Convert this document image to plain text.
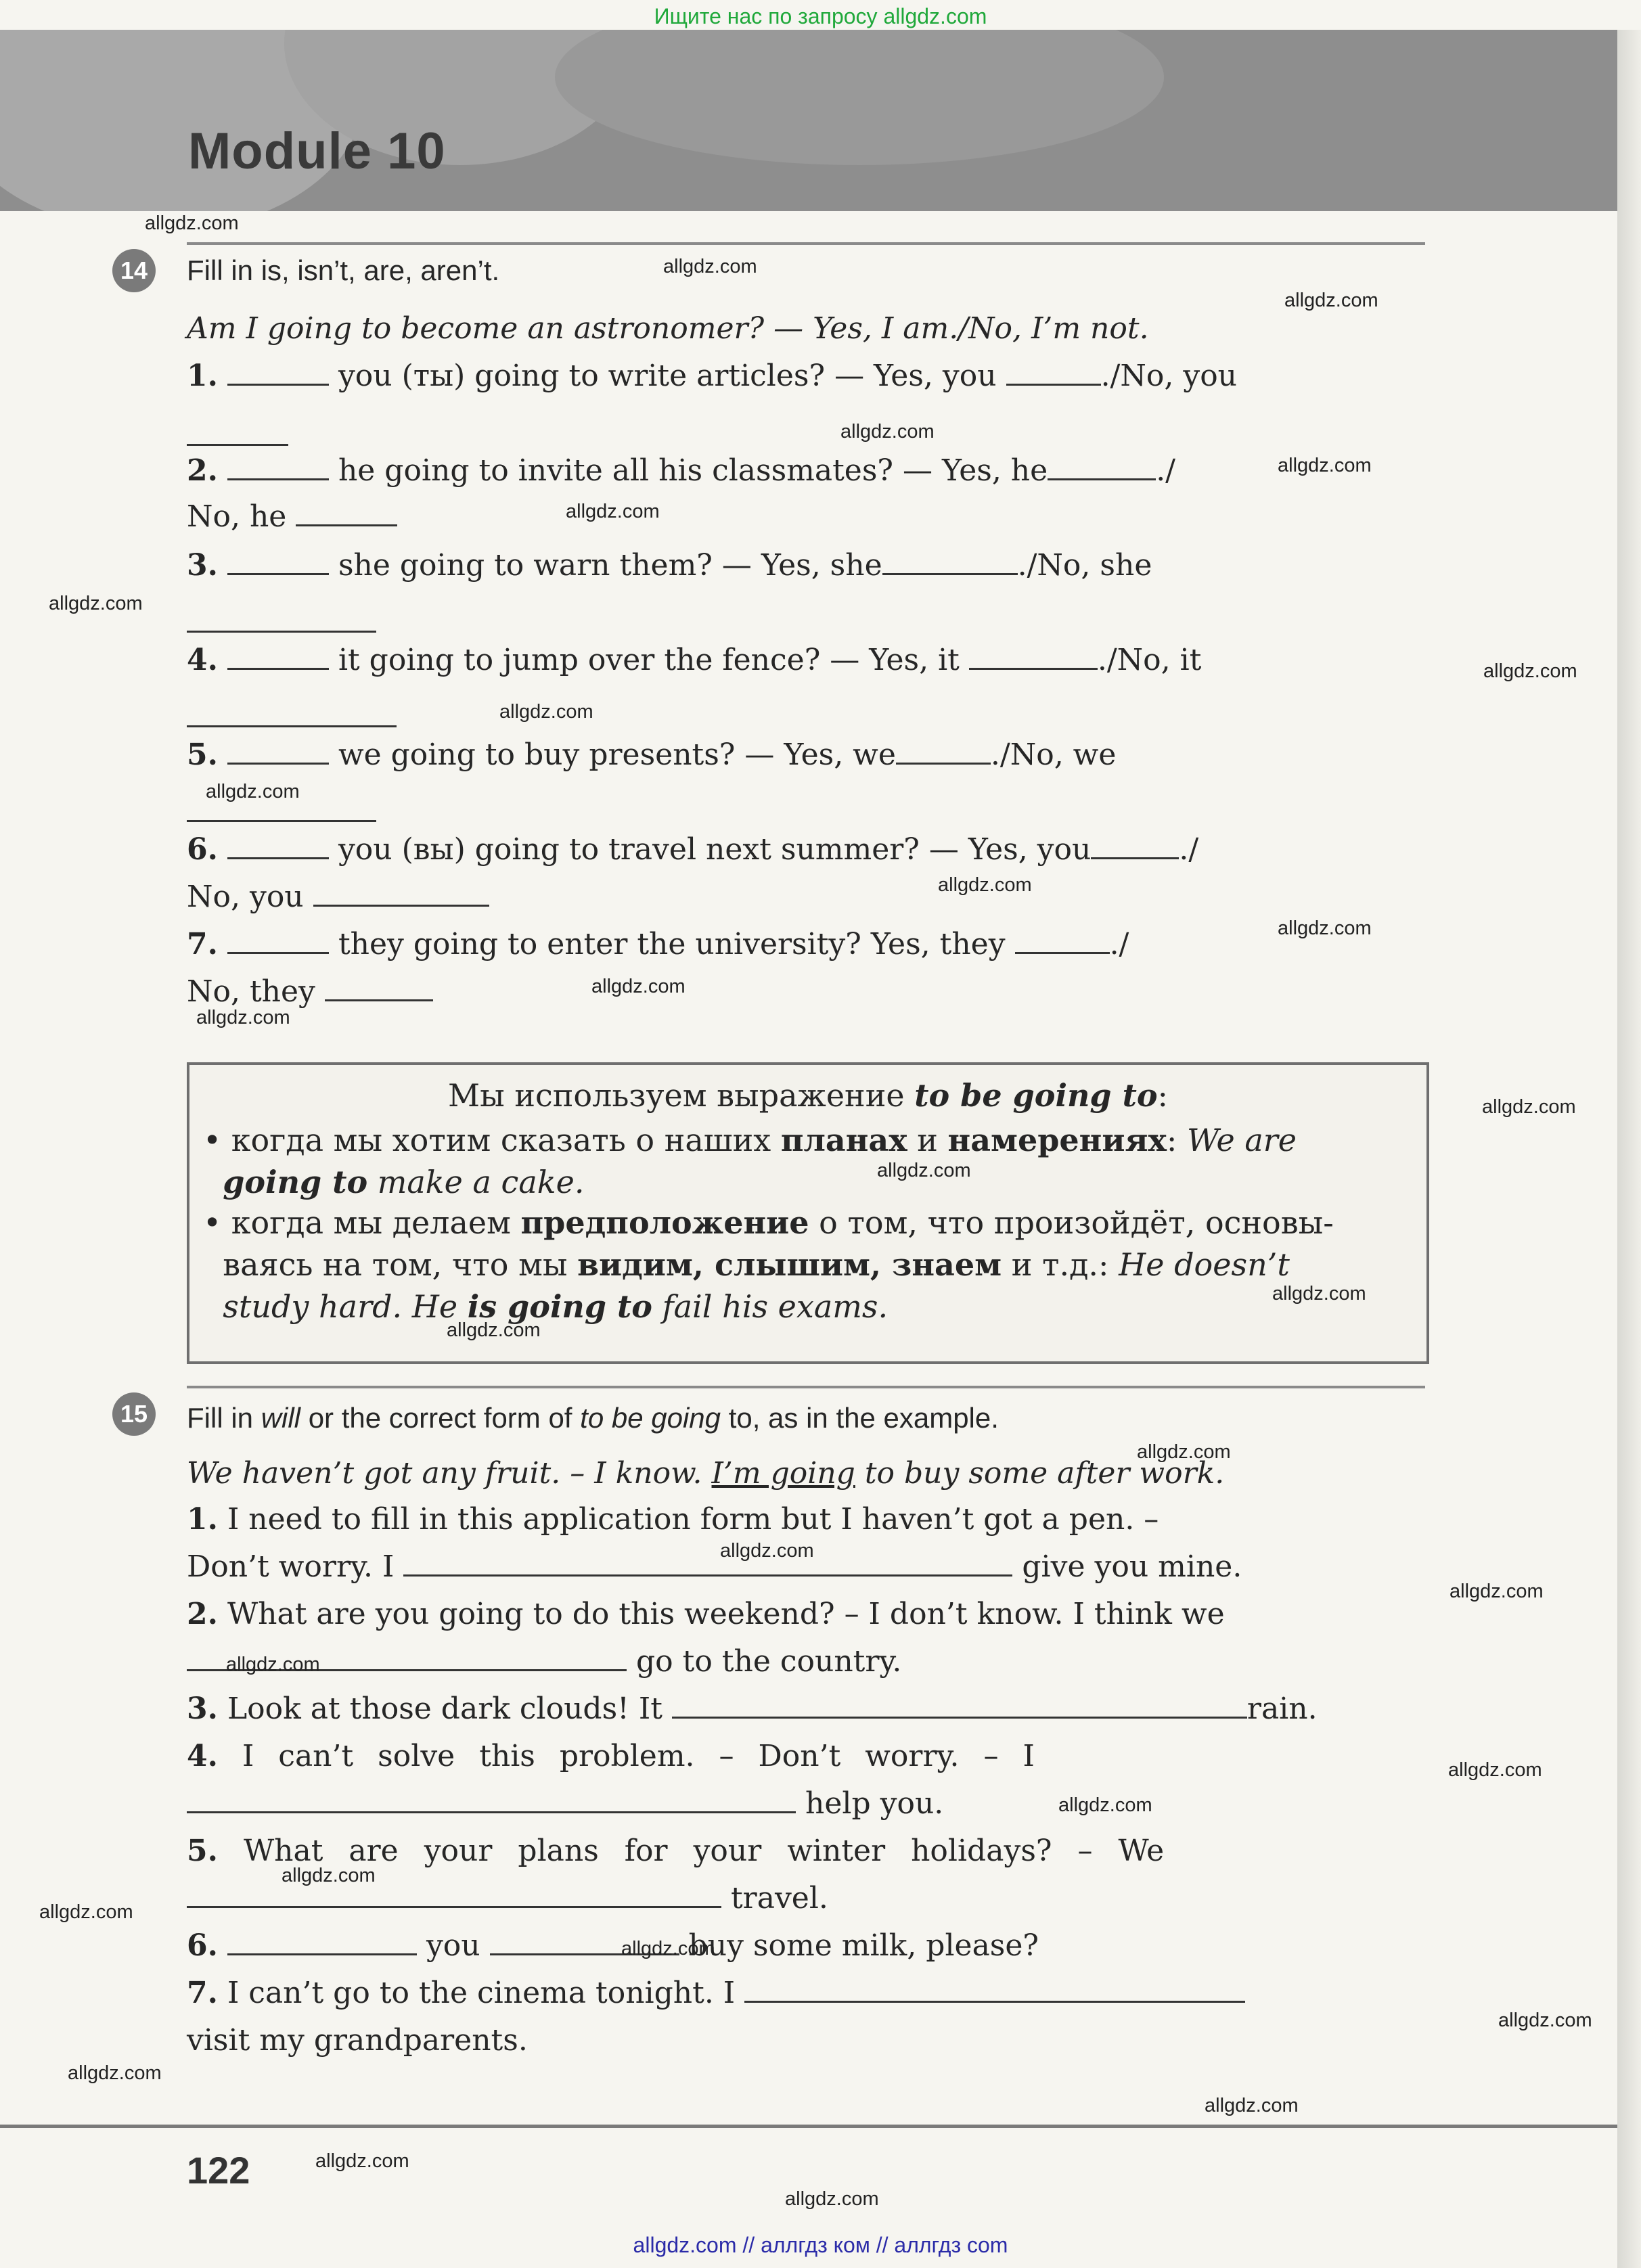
Ищите нас по запросу allgdz.com
Module 10
14 Fill in is, isn’t, are, aren’t.
Am I going to become an astronomer? — Yes, I am./No, I’m not.
1.	you (ты) going to write articles? — Yes, you	./No, you
2.	he going to invite all his classmates? — Yes, he	./
No, he
3.	she going to warn them? — Yes, she	./No, she
4.	it going to jump over the fence? — Yes, it	./No, it
5.	we going to buy presents? — Yes, we	./No, we
6.	you (вы) going to travel next summer? — Yes, you	./
No, you
7.	they going to enter the university? Yes, they	./
No, they
Мы используем выражение to be going to:
• когда мы хотим сказать о наших планах и намерениях: We are
going to make a cake.
• когда мы делаем предположение о том, что произойдёт, основы-
ваясь на том, что мы видим, слышим, знаем и т.д.: He doesn’t
study hard. He is going to fail his exams.
15 Fill in will or the correct form of to be going to, as in the example.
We haven’t got any fruit. – I know. I’m going to buy some after work.
1. I need to fill in this application form but I haven’t got a pen. –
Don’t worry. I	give you mine.
2. What are you going to do this weekend? – I don’t know. I think we
go to the country.
3. Look at those dark clouds! It	rain.
4. I can’t solve this problem. – Don’t worry. – I
help you.
5. What are your plans for your winter holidays? – We
travel.
6.	you	buy some milk, please?
7. I can’t go to the cinema tonight. I
visit my grandparents.
122
allgdz.com // аллгдз ком // аллгдз com
allgdz.com
allgdz.com
allgdz.com
allgdz.com
allgdz.com
allgdz.com
allgdz.com
allgdz.com
allgdz.com
allgdz.com
allgdz.com
allgdz.com
allgdz.com
allgdz.com
allgdz.com
allgdz.com
allgdz.com
allgdz.com
allgdz.com
allgdz.com
allgdz.com
allgdz.com
allgdz.com
allgdz.com
allgdz.com
allgdz.com
allgdz.com
allgdz.com
allgdz.com
allgdz.com
allgdz.com
allgdz.com
